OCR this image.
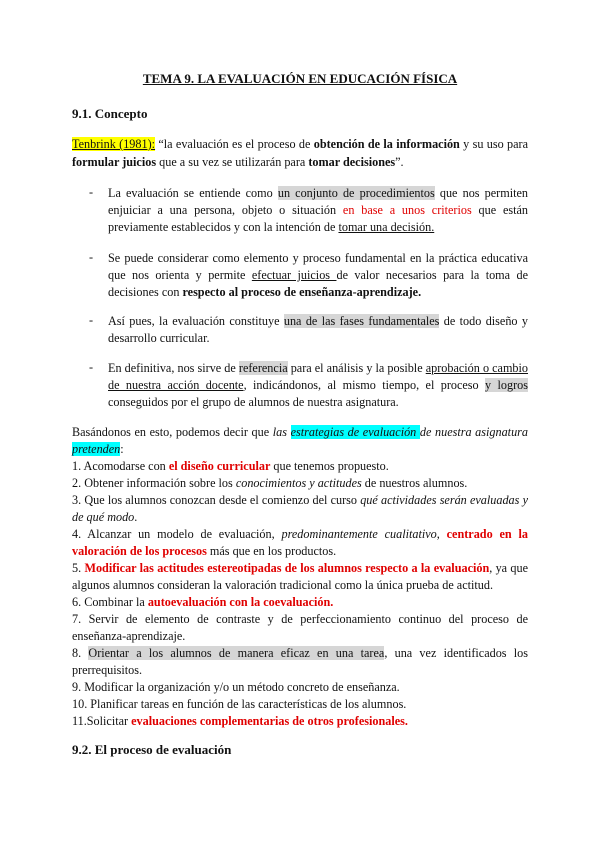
TEMA 9. LA EVALUACIÓN EN EDUCACIÓN FÍSICA
9.1. Concepto
Tenbrink (1981): “la evaluación es el proceso de obtención de la información y su uso para
formular juicios que a su vez se utilizarán para tomar decisiones”.
- La evaluación se entiende como un conjunto de procedimientos que nos permiten
enjuiciar a una persona, objeto o situación en base a unos criterios que están
previamente establecidos y con la intención de tomar una decisión.
- Se puede considerar como elemento y proceso fundamental en la práctica educativa
que nos orienta y permite efectuar juicios de valor necesarios para la toma de
decisiones con respecto al proceso de enseñanza-aprendizaje.
- Así pues, la evaluación constituye una de las fases fundamentales de todo diseño y
desarrollo curricular.
- En definitiva, nos sirve de referencia para el análisis y la posible aprobación o cambio
de nuestra acción docente, indicándonos, al mismo tiempo, el proceso y logros
conseguidos por el grupo de alumnos de nuestra asignatura.
Basándonos en esto, podemos decir que las estrategias de evaluación de nuestra asignatura
pretenden:
1. Acomodarse con el diseño curricular que tenemos propuesto.
2. Obtener información sobre los conocimientos y actitudes de nuestros alumnos.
3. Que los alumnos conozcan desde el comienzo del curso qué actividades serán evaluadas y
de qué modo.
4. Alcanzar un modelo de evaluación, predominantemente cualitativo, centrado en la
valoración de los procesos más que en los productos.
5. Modificar las actitudes estereotipadas de los alumnos respecto a la evaluación, ya que
algunos alumnos consideran la valoración tradicional como la única prueba de actitud.
6. Combinar la autoevaluación con la coevaluación.
7. Servir de elemento de contraste y de perfeccionamiento continuo del proceso de
enseñanza-aprendizaje.
8. Orientar a los alumnos de manera eficaz en una tarea, una vez identificados los
prerrequisitos.
9. Modificar la organización y/o un método concreto de enseñanza.
10. Planificar tareas en función de las características de los alumnos.
11.Solicitar evaluaciones complementarias de otros profesionales.
9.2. El proceso de evaluación
